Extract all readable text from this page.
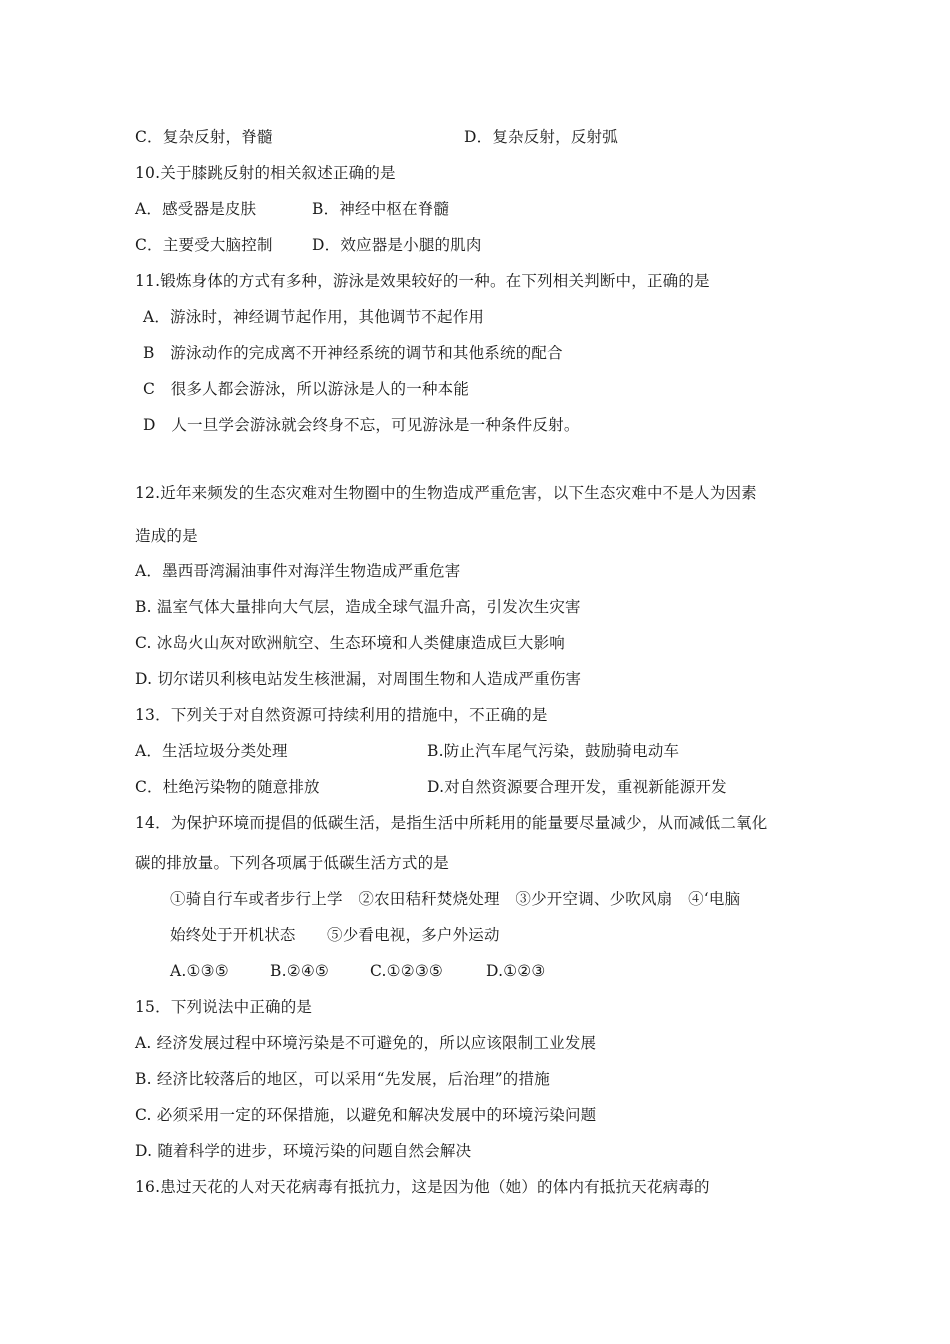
C．复杂反射，脊髓	D．复杂反射，反射弧
10.关于膝跳反射的相关叙述正确的是
A．感受器是皮肤	B．神经中枢在脊髓
C．主要受大脑控制	D．效应器是小腿的肌肉
11.锻炼身体的方式有多种，游泳是效果较好的一种。在下列相关判断中，正确的是
A．游泳时，神经调节起作用，其他调节不起作用
B　游泳动作的完成离不开神经系统的调节和其他系统的配合
C　很多人都会游泳，所以游泳是人的一种本能
D　人一旦学会游泳就会终身不忘，可见游泳是一种条件反射。
12.近年来频发的生态灾难对生物圈中的生物造成严重危害，以下生态灾难中不是人为因素
造成的是
A．墨西哥湾漏油事件对海洋生物造成严重危害
B. 温室气体大量排向大气层，造成全球气温升高，引发次生灾害
C. 冰岛火山灰对欧洲航空、生态环境和人类健康造成巨大影响
D. 切尔诺贝利核电站发生核泄漏，对周围生物和人造成严重伤害
13．下列关于对自然资源可持续利用的措施中，不正确的是
A．生活垃圾分类处理	B.防止汽车尾气污染，鼓励骑电动车
C．杜绝污染物的随意排放	D.对自然资源要合理开发，重视新能源开发
14．为保护环境而提倡的低碳生活，是指生活中所耗用的能量要尽量减少，从而减低二氧化
碳的排放量。下列各项属于低碳生活方式的是
①骑自行车或者步行上学　②农田秸秆焚烧处理　③少开空调、少吹风扇　④‘电脑
始终处于开机状态　　⑤少看电视，多户外运动
A.①③⑤	B.②④⑤	C.①②③⑤	D.①②③
15．下列说法中正确的是
A. 经济发展过程中环境污染是不可避免的，所以应该限制工业发展
B. 经济比较落后的地区，可以采用“先发展，后治理”的措施
C. 必须采用一定的环保措施，以避免和解决发展中的环境污染问题
D. 随着科学的进步，环境污染的问题自然会解决
16.患过天花的人对天花病毒有抵抗力，这是因为他（她）的体内有抵抗天花病毒的
